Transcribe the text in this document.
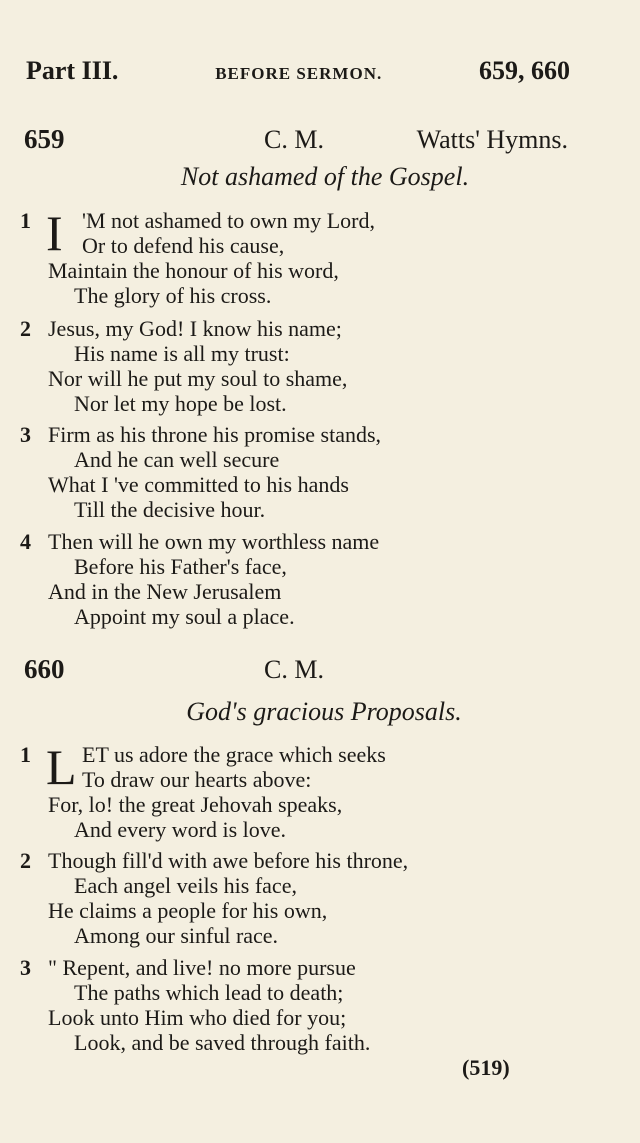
Part III.	BEFORE SERMON.	659, 660
659	C. M.	Watts' Hymns.
Not ashamed of the Gospel.
I
1	'M not ashamed to own my Lord,
Or to defend his cause,
Maintain the honour of his word,
The glory of his cross.
2 Jesus, my God! I know his name;
His name is all my trust:
Nor will he put my soul to shame,
Nor let my hope be lost.
3 Firm as his throne his promise stands,
And he can well secure
What I 've committed to his hands
Till the decisive hour.
4 Then will he own my worthless name
Before his Father's face,
And in the New Jerusalem
Appoint my soul a place.
660	C. M.
God's gracious Proposals.
L
1	ET us adore the grace which seeks
To draw our hearts above:
For, lo! the great Jehovah speaks,
And every word is love.
2 Though fill'd with awe before his throne,
Each angel veils his face,
He claims a people for his own,
Among our sinful race.
3 " Repent, and live! no more pursue
The paths which lead to death;
Look unto Him who died for you;
Look, and be saved through faith.
(519)
